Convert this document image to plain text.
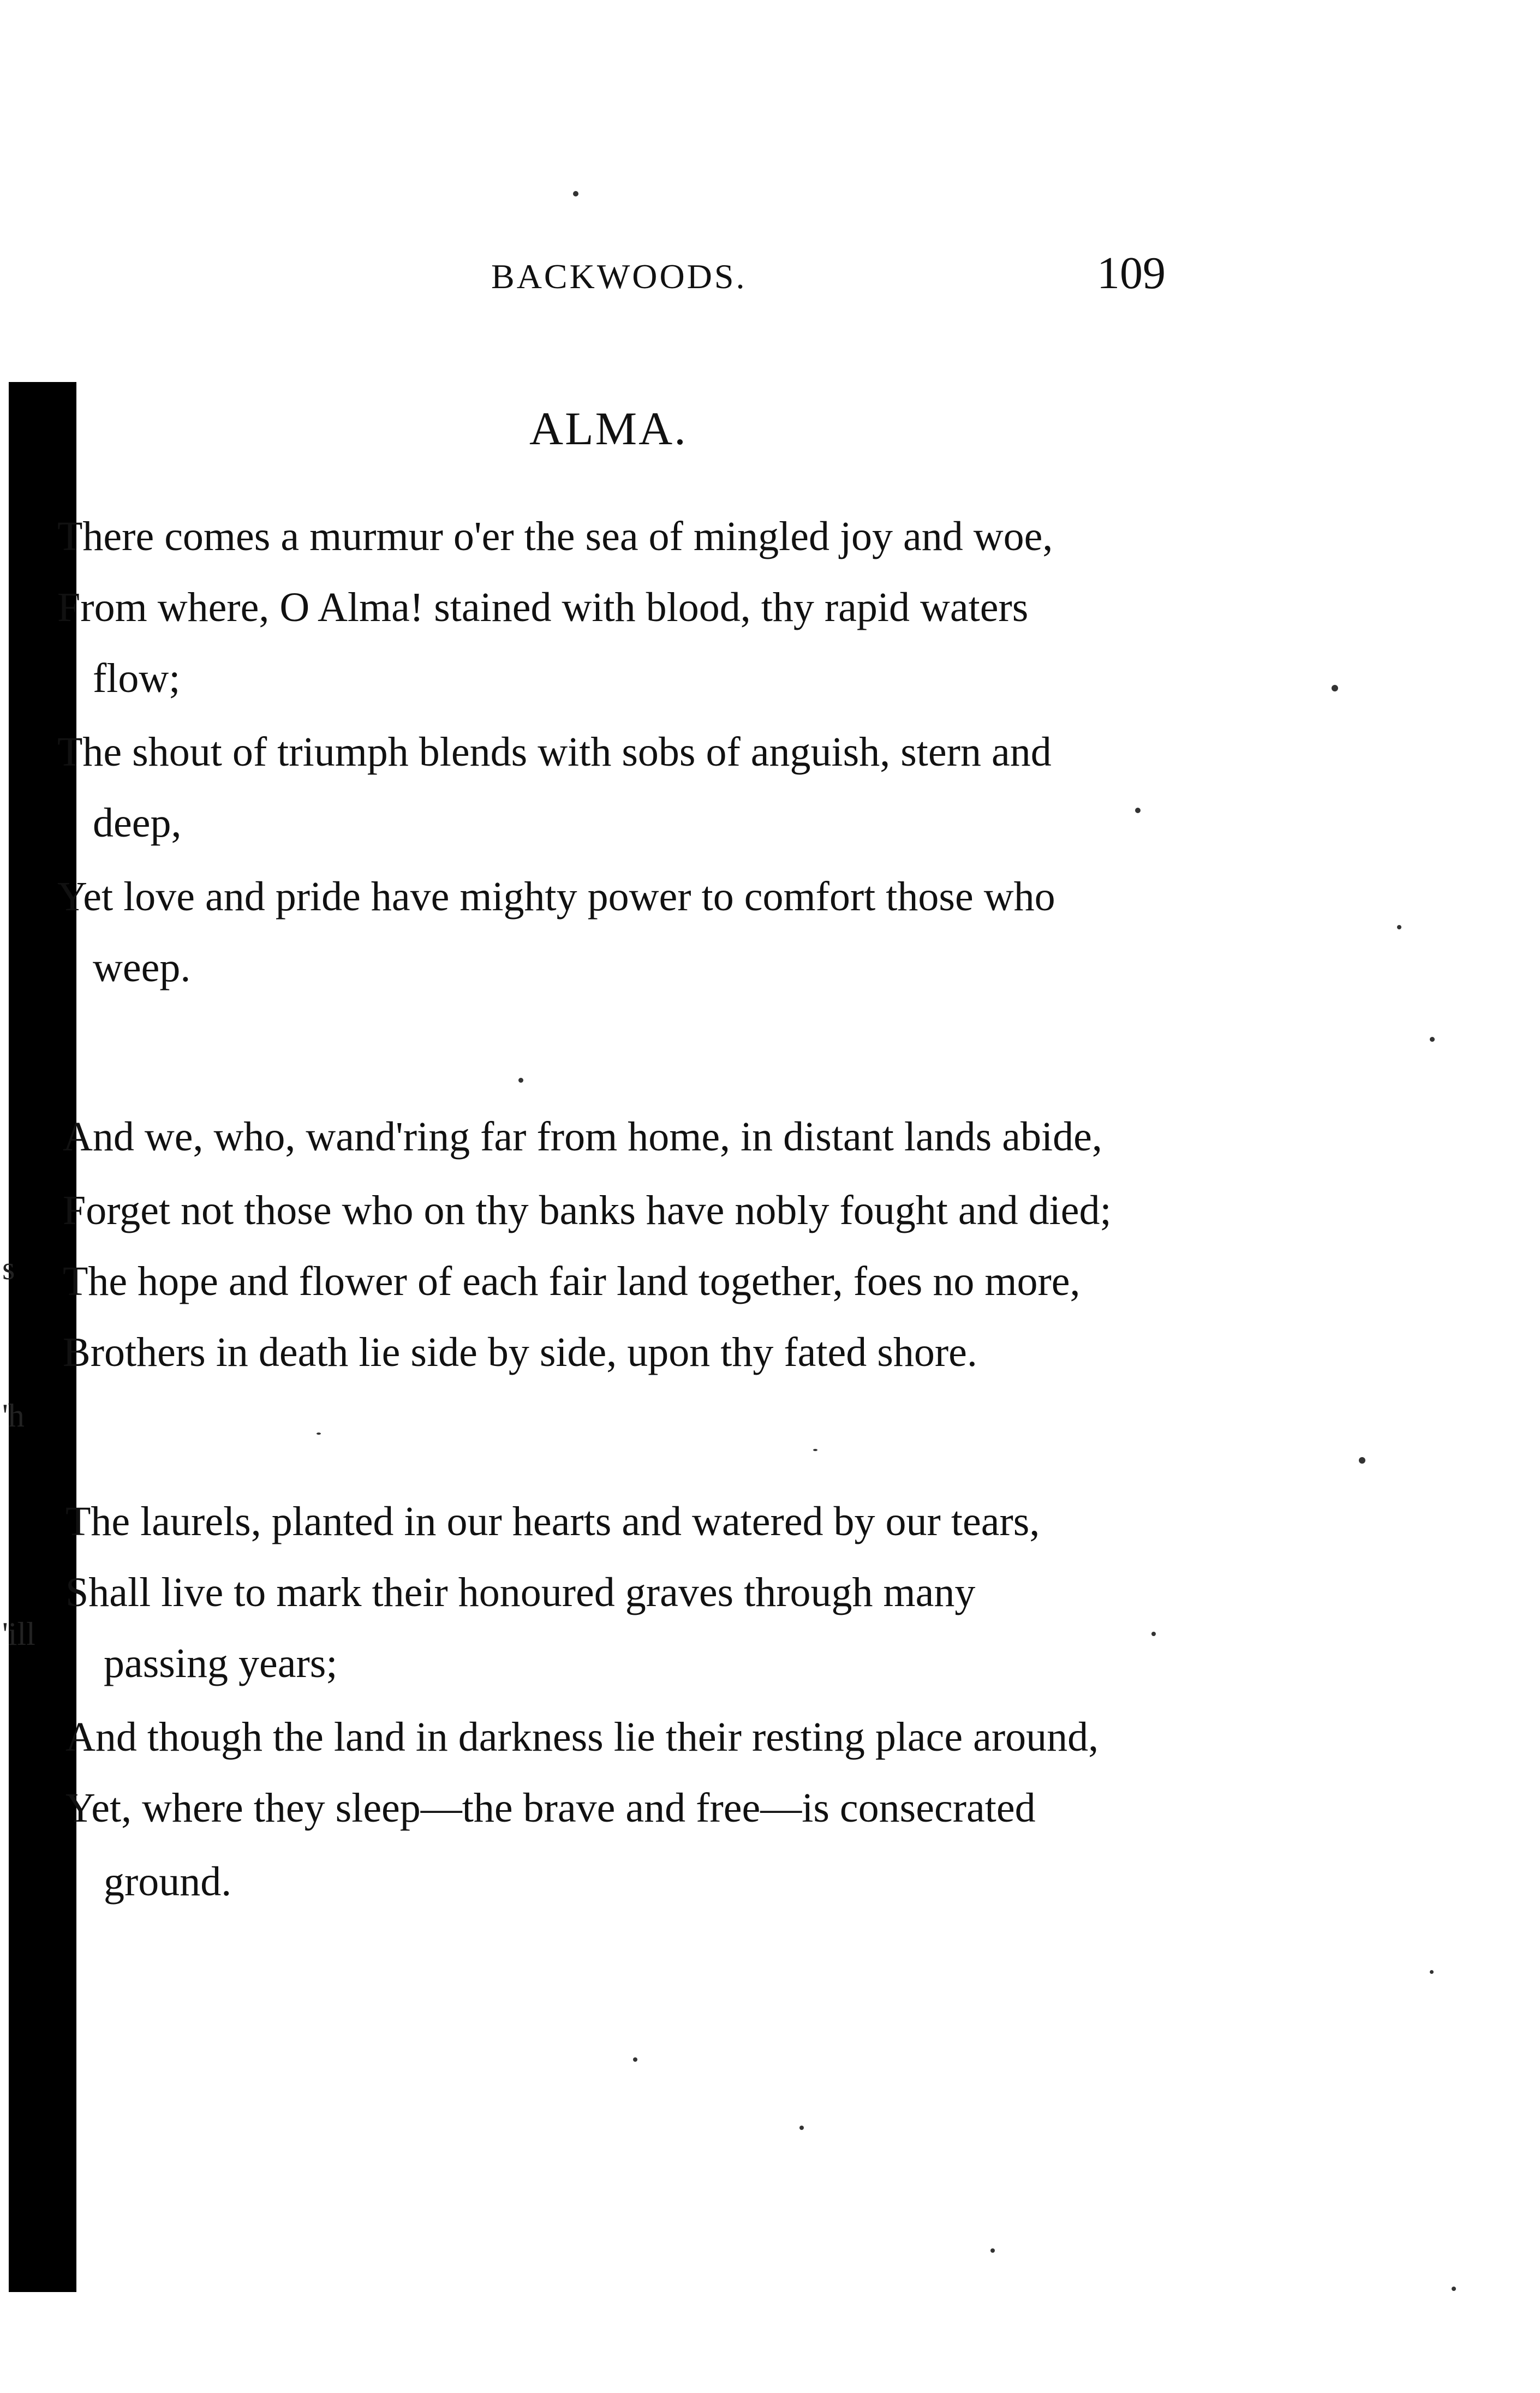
s
'h
'ill
BACKWOODS.	109
ALMA.
There comes a murmur o'er the sea of mingled joy and woe,
From where, O Alma! stained with blood, thy rapid waters
flow;
The shout of triumph blends with sobs of anguish, stern and
deep,
Yet love and pride have mighty power to comfort those who
weep.
And we, who, wand'ring far from home, in distant lands abide,
Forget not those who on thy banks have nobly fought and died;
The hope and flower of each fair land together, foes no more,
Brothers in death lie side by side, upon thy fated shore.
The laurels, planted in our hearts and watered by our tears,
Shall live to mark their honoured graves through many
passing years;
And though the land in darkness lie their resting place around,
Yet, where they sleep—the brave and free—is consecrated
ground.
